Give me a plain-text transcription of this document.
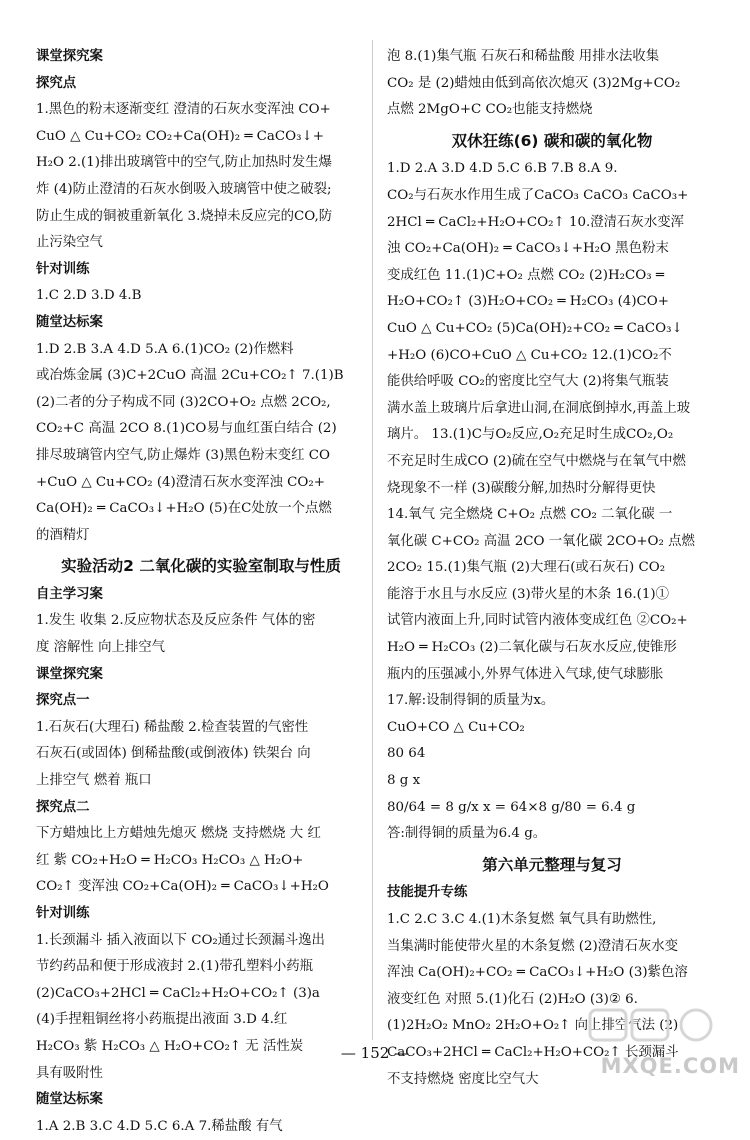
课堂探究案
探究点
1.黑色的粉末逐渐变红 澄清的石灰水变浑浊 CO+
CuO △ Cu+CO₂ CO₂+Ca(OH)₂ ═ CaCO₃↓+
H₂O 2.(1)排出玻璃管中的空气,防止加热时发生爆
炸 (4)防止澄清的石灰水倒吸入玻璃管中使之破裂;
防止生成的铜被重新氧化 3.烧掉未反应完的CO,防
止污染空气
针对训练
1.C 2.D 3.D 4.B
随堂达标案
1.D 2.B 3.A 4.D 5.A 6.(1)CO₂ (2)作燃料
或冶炼金属 (3)C+2CuO 高温 2Cu+CO₂↑ 7.(1)B
(2)二者的分子构成不同 (3)2CO+O₂ 点燃 2CO₂,
CO₂+C 高温 2CO 8.(1)CO易与血红蛋白结合 (2)
排尽玻璃管内空气,防止爆炸 (3)黑色粉末变红 CO
+CuO △ Cu+CO₂ (4)澄清石灰水变浑浊 CO₂+
Ca(OH)₂ ═ CaCO₃↓+H₂O (5)在C处放一个点燃
的酒精灯
实验活动2 二氧化碳的实验室制取与性质
自主学习案
1.发生 收集 2.反应物状态及反应条件 气体的密
度 溶解性 向上排空气
课堂探究案
探究点一
1.石灰石(大理石) 稀盐酸 2.检查装置的气密性
石灰石(或固体) 倒稀盐酸(或倒液体) 铁架台 向
上排空气 燃着 瓶口
探究点二
下方蜡烛比上方蜡烛先熄灭 燃烧 支持燃烧 大 红
红 紫 CO₂+H₂O ═ H₂CO₃ H₂CO₃ △ H₂O+
CO₂↑ 变浑浊 CO₂+Ca(OH)₂ ═ CaCO₃↓+H₂O
针对训练
1.长颈漏斗 插入液面以下 CO₂通过长颈漏斗逸出
节约药品和便于形成液封 2.(1)带孔塑料小药瓶
(2)CaCO₃+2HCl ═ CaCl₂+H₂O+CO₂↑ (3)a
(4)手捏粗铜丝将小药瓶提出液面 3.D 4.红
H₂CO₃ 紫 H₂CO₃ △ H₂O+CO₂↑ 无 活性炭
具有吸附性
随堂达标案
1.A 2.B 3.C 4.D 5.C 6.A 7.稀盐酸 有气
泡 8.(1)集气瓶 石灰石和稀盐酸 用排水法收集
CO₂ 是 (2)蜡烛由低到高依次熄灭 (3)2Mg+CO₂
点燃 2MgO+C CO₂也能支持燃烧
双休狂练(6) 碳和碳的氧化物
1.D 2.A 3.D 4.D 5.C 6.B 7.B 8.A 9.
CO₂与石灰水作用生成了CaCO₃ CaCO₃ CaCO₃+
2HCl ═ CaCl₂+H₂O+CO₂↑ 10.澄清石灰水变浑
浊 CO₂+Ca(OH)₂ ═ CaCO₃↓+H₂O 黑色粉末
变成红色 11.(1)C+O₂ 点燃 CO₂ (2)H₂CO₃ ═
H₂O+CO₂↑ (3)H₂O+CO₂ ═ H₂CO₃ (4)CO+
CuO △ Cu+CO₂ (5)Ca(OH)₂+CO₂ ═ CaCO₃↓
+H₂O (6)CO+CuO △ Cu+CO₂ 12.(1)CO₂不
能供给呼吸 CO₂的密度比空气大 (2)将集气瓶装
满水盖上玻璃片后拿进山洞,在洞底倒掉水,再盖上玻
璃片。 13.(1)C与O₂反应,O₂充足时生成CO₂,O₂
不充足时生成CO (2)硫在空气中燃烧与在氧气中燃
烧现象不一样 (3)碳酸分解,加热时分解得更快
14.氧气 完全燃烧 C+O₂ 点燃 CO₂ 二氧化碳 一
氧化碳 C+CO₂ 高温 2CO 一氧化碳 2CO+O₂ 点燃
2CO₂ 15.(1)集气瓶 (2)大理石(或石灰石) CO₂
能溶于水且与水反应 (3)带火星的木条 16.(1)①
试管内液面上升,同时试管内液体变成红色 ②CO₂+
H₂O ═ H₂CO₃ (2)二氧化碳与石灰水反应,使锥形
瓶内的压强减小,外界气体进入气球,使气球膨胀
17.解:设制得铜的质量为x。
CuO+CO △ Cu+CO₂
80 64
8 g x
80/64 = 8 g/x x = 64×8 g/80 = 6.4 g
答:制得铜的质量为6.4 g。
第六单元整理与复习
技能提升专练
1.C 2.C 3.C 4.(1)木条复燃 氧气具有助燃性,
当集满时能使带火星的木条复燃 (2)澄清石灰水变
浑浊 Ca(OH)₂+CO₂ ═ CaCO₃↓+H₂O (3)紫色溶
液变红色 对照 5.(1)化石 (2)H₂O (3)② 6.
(1)2H₂O₂ MnO₂ 2H₂O+O₂↑ 向上排空气法 (2)
CaCO₃+2HCl ═ CaCl₂+H₂O+CO₂↑ 长颈漏斗
不支持燃烧 密度比空气大
— 152 —
MXQE.COM
